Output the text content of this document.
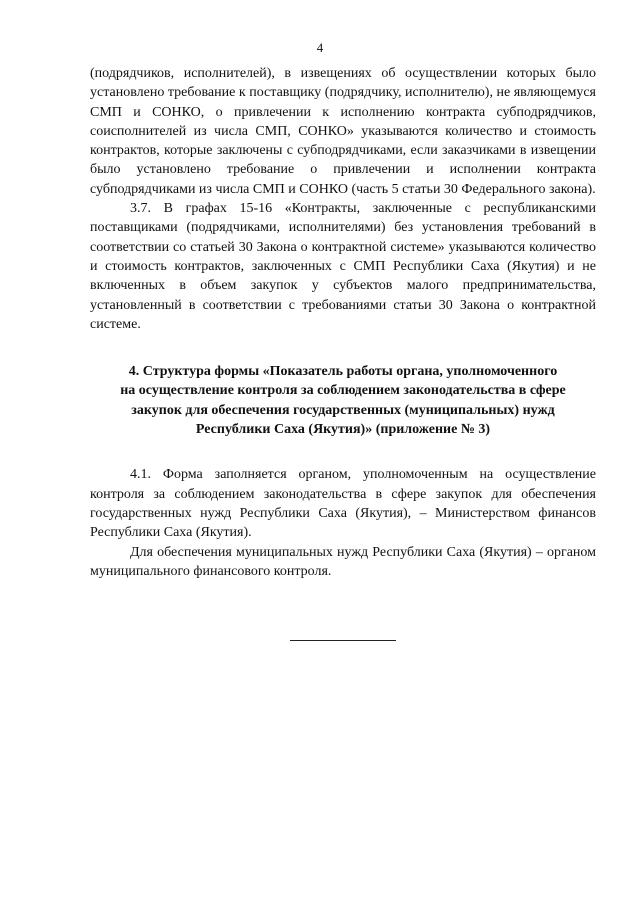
4

(подрядчиков, исполнителей), в извещениях об осуществлении которых было установлено требование к поставщику (подрядчику, исполнителю), не являющемуся СМП и СОНКО, о привлечении к исполнению контракта субподрядчиков, соисполнителей из числа СМП, СОНКО» указываются количество и стоимость контрактов, которые заключены с субподрядчиками, если заказчиками в извещении было установлено требование о привлечении и исполнении контракта субподрядчиками из числа СМП и СОНКО (часть 5 статьи 30 Федерального закона).

3.7. В графах 15-16 «Контракты, заключенные с республиканскими поставщиками (подрядчиками, исполнителями) без установления требований в соответствии со статьей 30 Закона о контрактной системе» указываются количество и стоимость контрактов, заключенных с СМП Республики Саха (Якутия) и не включенных в объем закупок у субъектов малого предпринимательства, установленный в соответствии с требованиями статьи 30 Закона о контрактной системе.

4. Структура формы «Показатель работы органа, уполномоченного
на осуществление контроля за соблюдением законодательства в сфере
закупок для обеспечения государственных (муниципальных) нужд
Республики Саха (Якутия)» (приложение № 3)

4.1. Форма заполняется органом, уполномоченным на осуществление контроля за соблюдением законодательства в сфере закупок для обеспечения государственных нужд Республики Саха (Якутия), – Министерством финансов Республики Саха (Якутия).

Для обеспечения муниципальных нужд Республики Саха (Якутия) – органом муниципального финансового контроля.
